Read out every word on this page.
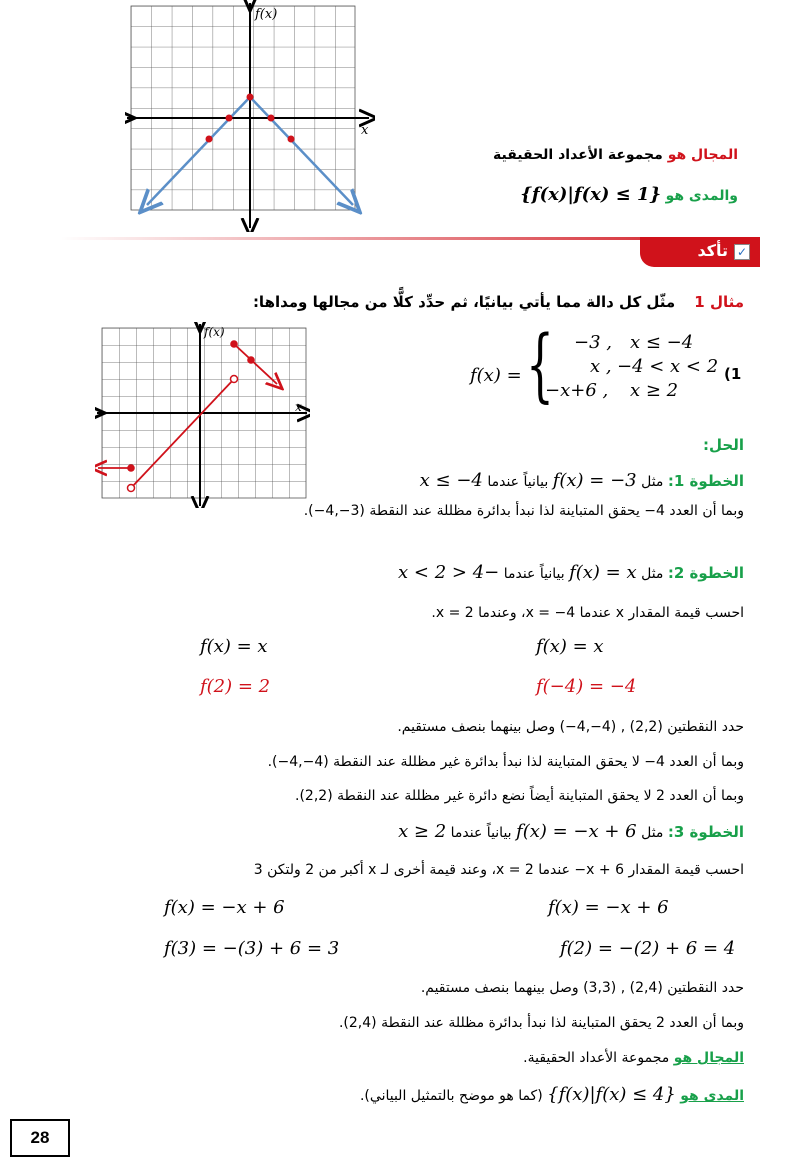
f(x)
x
المجال هو مجموعة الأعداد الحقيقية
والمدى هو {f(x)|f(x) ≤ 1}
✓
تأكد
مثال 1    مثّل كل دالة مما يأتي بيانيًا، ثم حدِّد كلًّا من مجالها ومداها:
(1
f(x) = { −3 , x ≤ −4
x , −4 < x < 2
−x+6 , x ≥ 2
f(x)
x
الحل:
الخطوة 1: مثل f(x) = −3 بيانياً عندما x ≤ −4
وبما أن العدد 4− يحقق المتباينة لذا نبدأ بدائرة مظللة عند النقطة (3−,4−).
الخطوة 2: مثل f(x) = x بيانياً عندما −4 < x < 2
احسب قيمة المقدار x عندما x = −4، وعندما x = 2.
f(x) = x
f(2) = 2
f(x) = x
f(−4) = −4
حدد النقطتين (2,2) , (4−,4−) وصل بينهما بنصف مستقيم.
وبما أن العدد 4− لا يحقق المتباينة لذا نبدأ بدائرة غير مظللة عند النقطة (4−,4−).
وبما أن العدد 2 لا يحقق المتباينة أيضاً نضع دائرة غير مظللة عند النقطة (2,2).
الخطوة 3: مثل f(x) = −x + 6 بيانياً عندما x ≥ 2
احسب قيمة المقدار 6 + x− عندما x = 2، وعند قيمة أخرى لـ x أكبر من 2 ولتكن 3
f(x) = −x + 6
f(3) = −(3) + 6 = 3
f(x) = −x + 6
f(2) = −(2) + 6 = 4
حدد النقطتين (2,4) , (3,3) وصل بينهما بنصف مستقيم.
وبما أن العدد 2 يحقق المتباينة لذا نبدأ بدائرة مظللة عند النقطة (2,4).
المجال هو مجموعة الأعداد الحقيقية.
المدى هو {f(x)|f(x) ≤ 4} (كما هو موضح بالتمثيل البياني).
28
